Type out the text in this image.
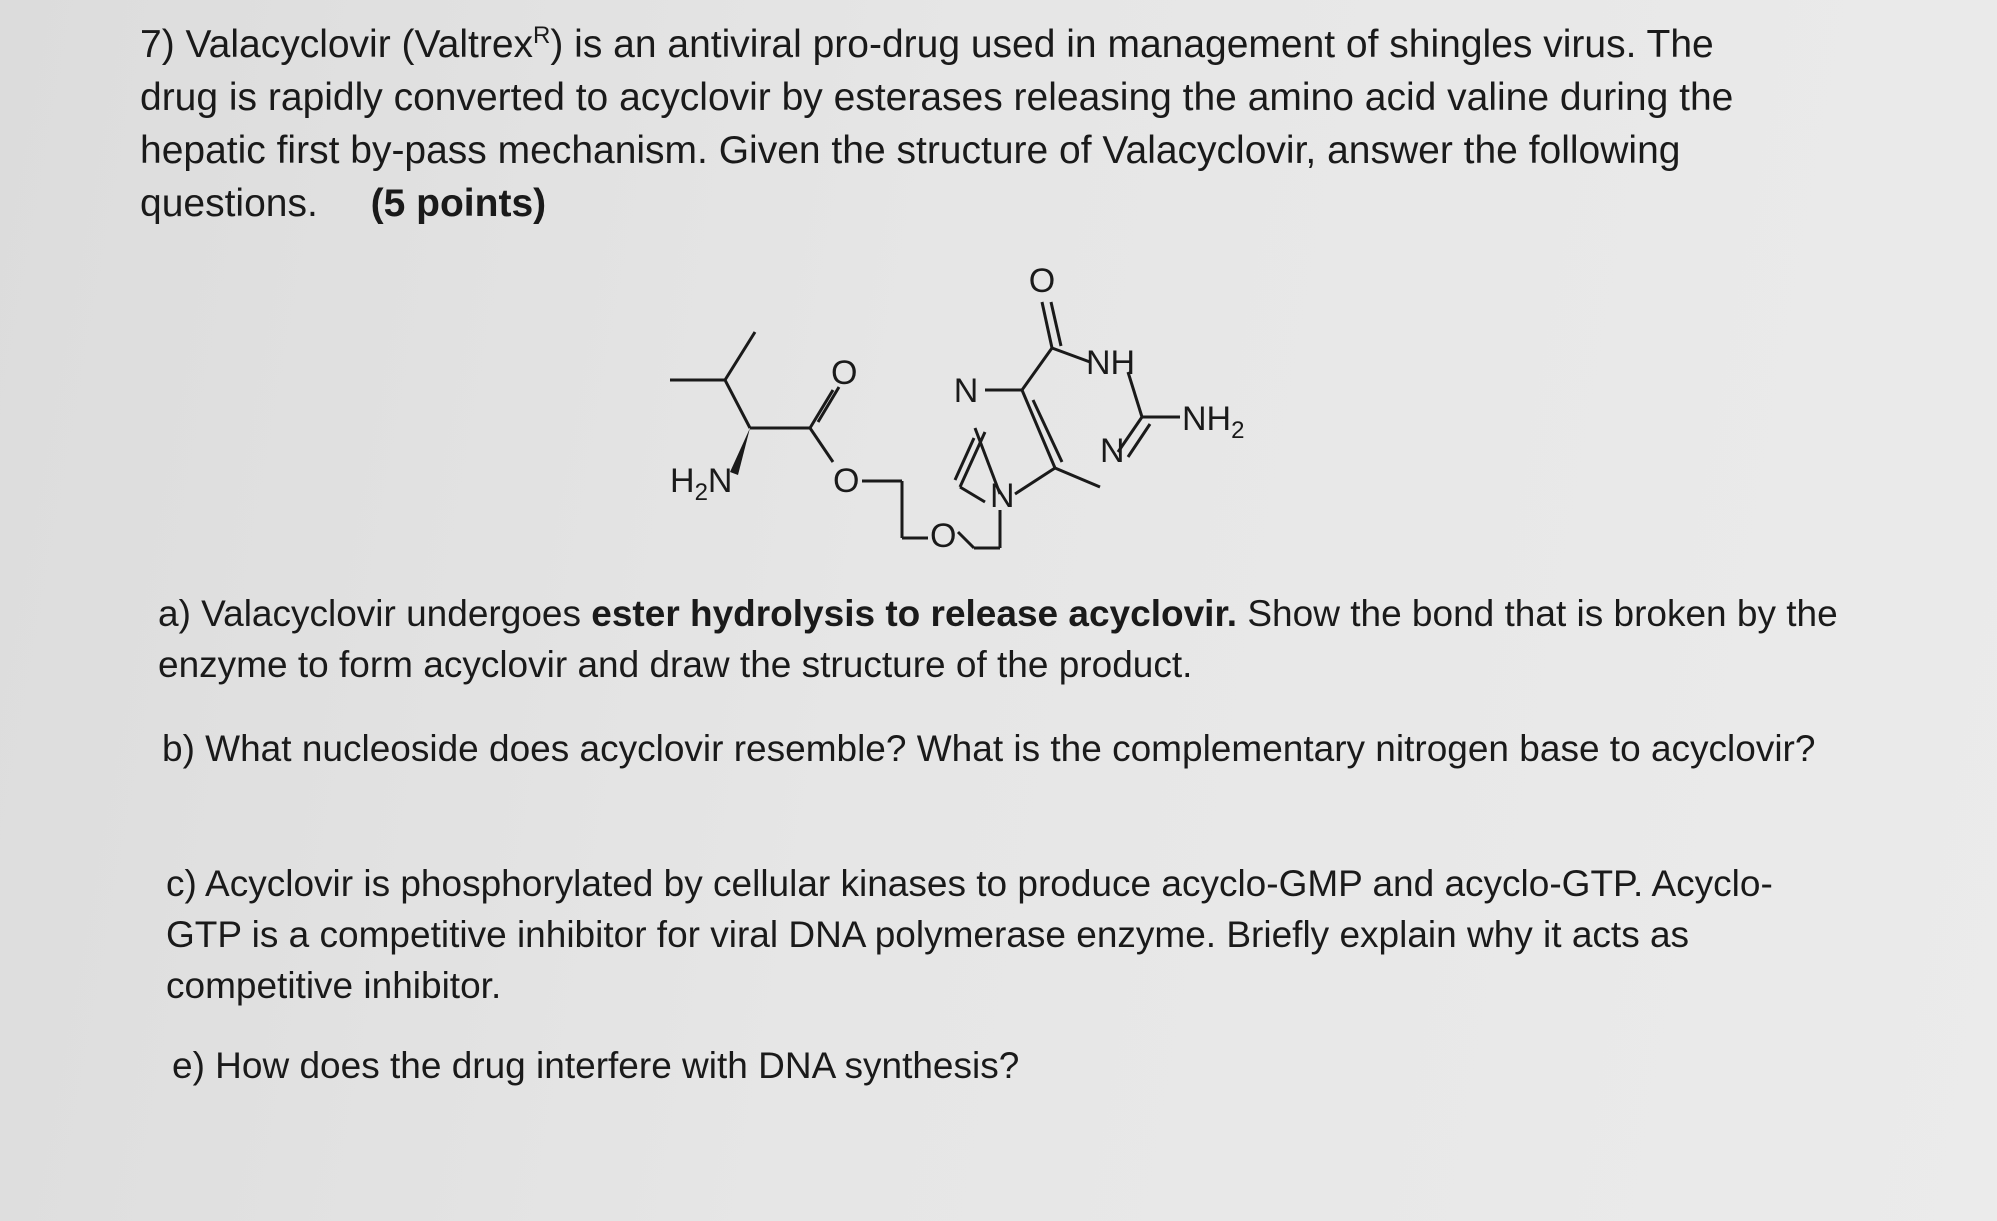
7) Valacyclovir (Valtrex$^R$) is an antiviral pro-drug used in management of shingles virus. The drug is rapidly converted to acyclovir by esterases releasing the amino acid valine during the hepatic first by-pass mechanism. Given the structure of Valacyclovir, answer the following questions. (5 points)
O
NH
$NH_2$
N
N
N
O
O
O
$H_2N$
a) Valacyclovir undergoes ester hydrolysis to release acyclovir. Show the bond that is broken by the enzyme to form acyclovir and draw the structure of the product.
b) What nucleoside does acyclovir resemble? What is the complementary nitrogen base to acyclovir?
c) Acyclovir is phosphorylated by cellular kinases to produce acyclo-GMP and acyclo-GTP. Acyclo-GTP is a competitive inhibitor for viral DNA polymerase enzyme. Briefly explain why it acts as competitive inhibitor.
e) How does the drug interfere with DNA synthesis?
